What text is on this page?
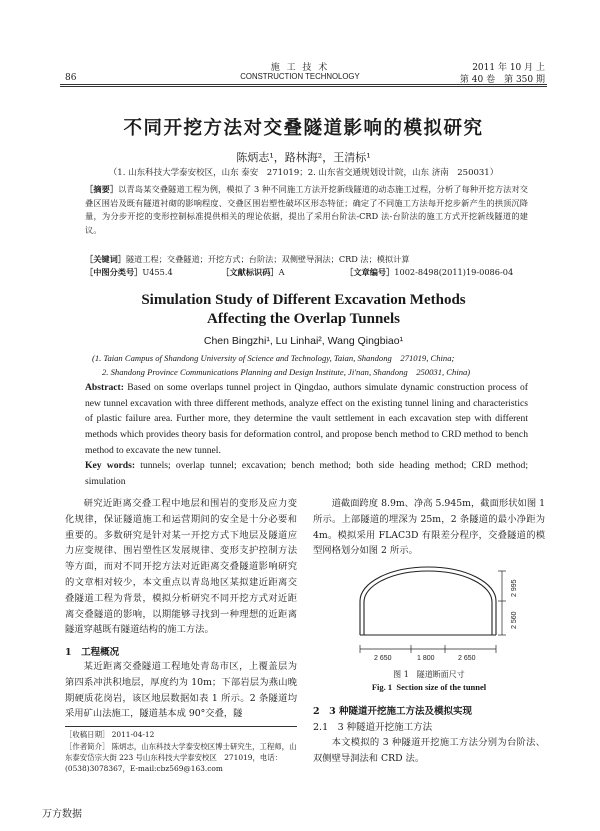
86
施 工 技 术
CONSTRUCTION TECHNOLOGY
2011 年 10 月 上
第 40 卷　第 350 期
不同开挖方法对交叠隧道影响的模拟研究
陈炳志¹，路林海²，王清标¹
（1. 山东科技大学泰安校区，山东 泰安　271019；2. 山东省交通规划设计院，山东 济南　250031）
［摘要］以青岛某交叠隧道工程为例，模拟了 3 种不同施工方法开挖新线隧道的动态施工过程，分析了每种开挖方法对交叠区围岩及既有隧道衬砌的影响程度、交叠区围岩塑性破坏区形态特征；确定了不同施工方法每开挖步新产生的拱顶沉降量，为分步开挖的变形控制标准提供相关的理论依据，提出了采用台阶法-CRD 法-台阶法的施工方式开挖新线隧道的建议。
［关键词］隧道工程；交叠隧道；开挖方式；台阶法；双侧壁导洞法；CRD 法；模拟计算
［中图分类号］U455.4	［文献标识码］A	［文章编号］1002-8498(2011)19-0086-04
Simulation Study of Different Excavation Methods
Affecting the Overlap Tunnels
Chen Bingzhi¹, Lu Linhai², Wang Qingbiao¹
(1. Taian Campus of Shandong University of Science and Technology, Taian, Shandong　271019, China;
2. Shandong Province Communications Planning and Design Institute, Ji'nan, Shandong　250031, China)
Abstract: Based on some overlaps tunnel project in Qingdao, authors simulate dynamic construction process of new tunnel excavation with three different methods, analyze effect on the existing tunnel lining and characteristics of plastic failure area. Further more, they determine the vault settlement in each excavation step with different methods which provides theory basis for deformation control, and propose bench method to CRD method to bench method to excavate the new tunnel.
Key words: tunnels; overlap tunnel; excavation; bench method; both side heading method; CRD method; simulation
研究近距离交叠工程中地层和围岩的变形及应力变化规律，保证隧道施工和运营期间的安全是十分必要和重要的。多数研究是针对某一开挖方式下地层及隧道应力应变规律、围岩塑性区发展规律、变形支护控制方法等方面，而对不同开挖方法对近距离交叠隧道影响研究的文章相对较少，本文重点以青岛地区某拟建近距离交叠隧道工程为背景，模拟分析研究不同开挖方式对近距离交叠隧道的影响，以期能够寻找到一种理想的近距离隧道穿越既有隧道结构的施工方法。
1　工程概况
某近距离交叠隧道工程地处青岛市区，上覆盖层为第四系冲洪积地层，厚度约为 10m；下部岩层为燕山晚期硬质花岗岩，该区地层数据如表 1 所示。2 条隧道均采用矿山法施工，隧道基本成 90°交叠，隧
［收稿日期］ 2011-04-12
［作者简介］ 陈炳志，山东科技大学泰安校区博士研究生，工程师，山东泰安岱宗大街 223 号山东科技大学泰安校区　271019，电话：(0538)3078367，E-mail:cbz569@163.com
道截面跨度 8.9m、净高 5.945m，截面形状如图 1 所示。上部隧道的埋深为 25m，2 条隧道的最小净距为 4m。模拟采用 FLAC3D 有限差分程序，交叠隧道的模型网格划分如图 2 所示。
2 650	1 800	2 650
2 995
2 560
图 1　隧道断面尺寸
Fig. 1 Section size of the tunnel
2　3 种隧道开挖施工方法及模拟实现
2.1　3 种隧道开挖施工方法
本文模拟的 3 种隧道开挖施工方法分别为台阶法、双侧壁导洞法和 CRD 法。
万方数据
